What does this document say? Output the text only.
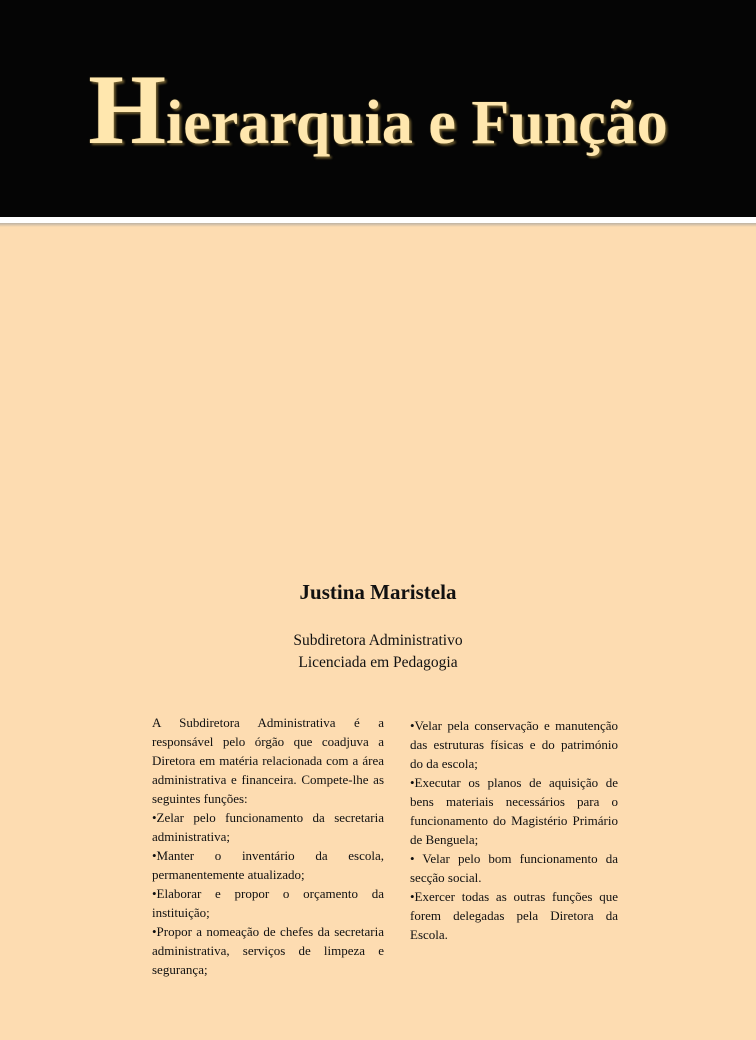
Hierarquia e Função
Justina Maristela
Subdiretora Administrativo
Licenciada em Pedagogia

A Subdiretora Administrativa é a responsável pelo órgão que coadjuva a Diretora em matéria relacionada com a área administrativa e financeira. Compete-lhe as seguintes funções:

•Zelar pelo funcionamento da secretaria administrativa;

•Manter o inventário da escola, permanentemente atualizado;

•Elaborar e propor o orçamento da instituição;

•Propor a nomeação de chefes da secretaria administrativa, serviços de limpeza e segurança;

•Velar pela conservação e manutenção das estruturas físicas e do património do da escola;

•Executar os planos de aquisição de bens materiais necessários para o funcionamento do Magistério Primário de Benguela;

• Velar pelo bom funcionamento da secção social.

•Exercer todas as outras funções que forem delegadas pela Diretora da Escola.
